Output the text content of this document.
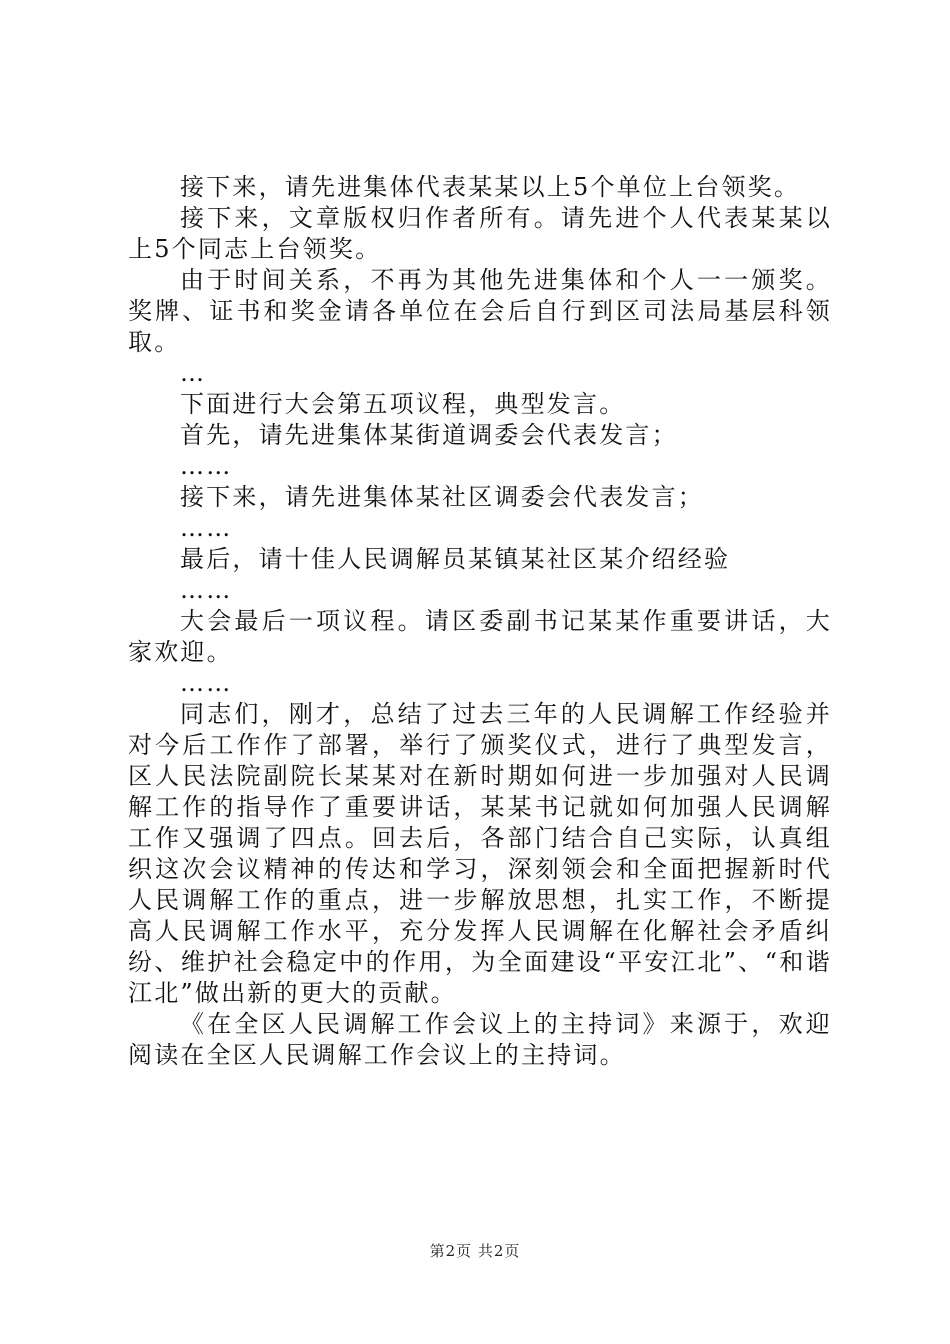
接下来，请先进集体代表某某以上5个单位上台领奖。

接下来，文章版权归作者所有。请先进个人代表某某以上5个同志上台领奖。

由于时间关系，不再为其他先进集体和个人一一颁奖。奖牌、证书和奖金请各单位在会后自行到区司法局基层科领取。

…

下面进行大会第五项议程，典型发言。

首先，请先进集体某街道调委会代表发言；

……

接下来，请先进集体某社区调委会代表发言；

……

最后，请十佳人民调解员某镇某社区某介绍经验

……

大会最后一项议程。请区委副书记某某作重要讲话，大家欢迎。

……

同志们，刚才，总结了过去三年的人民调解工作经验并对今后工作作了部署，举行了颁奖仪式，进行了典型发言，区人民法院副院长某某对在新时期如何进一步加强对人民调解工作的指导作了重要讲话，某某书记就如何加强人民调解工作又强调了四点。回去后，各部门结合自己实际，认真组织这次会议精神的传达和学习，深刻领会和全面把握新时代人民调解工作的重点，进一步解放思想，扎实工作，不断提高人民调解工作水平，充分发挥人民调解在化解社会矛盾纠纷、维护社会稳定中的作用，为全面建设“平安江北”、“和谐江北”做出新的更大的贡献。

《在全区人民调解工作会议上的主持词》来源于，欢迎阅读在全区人民调解工作会议上的主持词。

第2页 共2页
